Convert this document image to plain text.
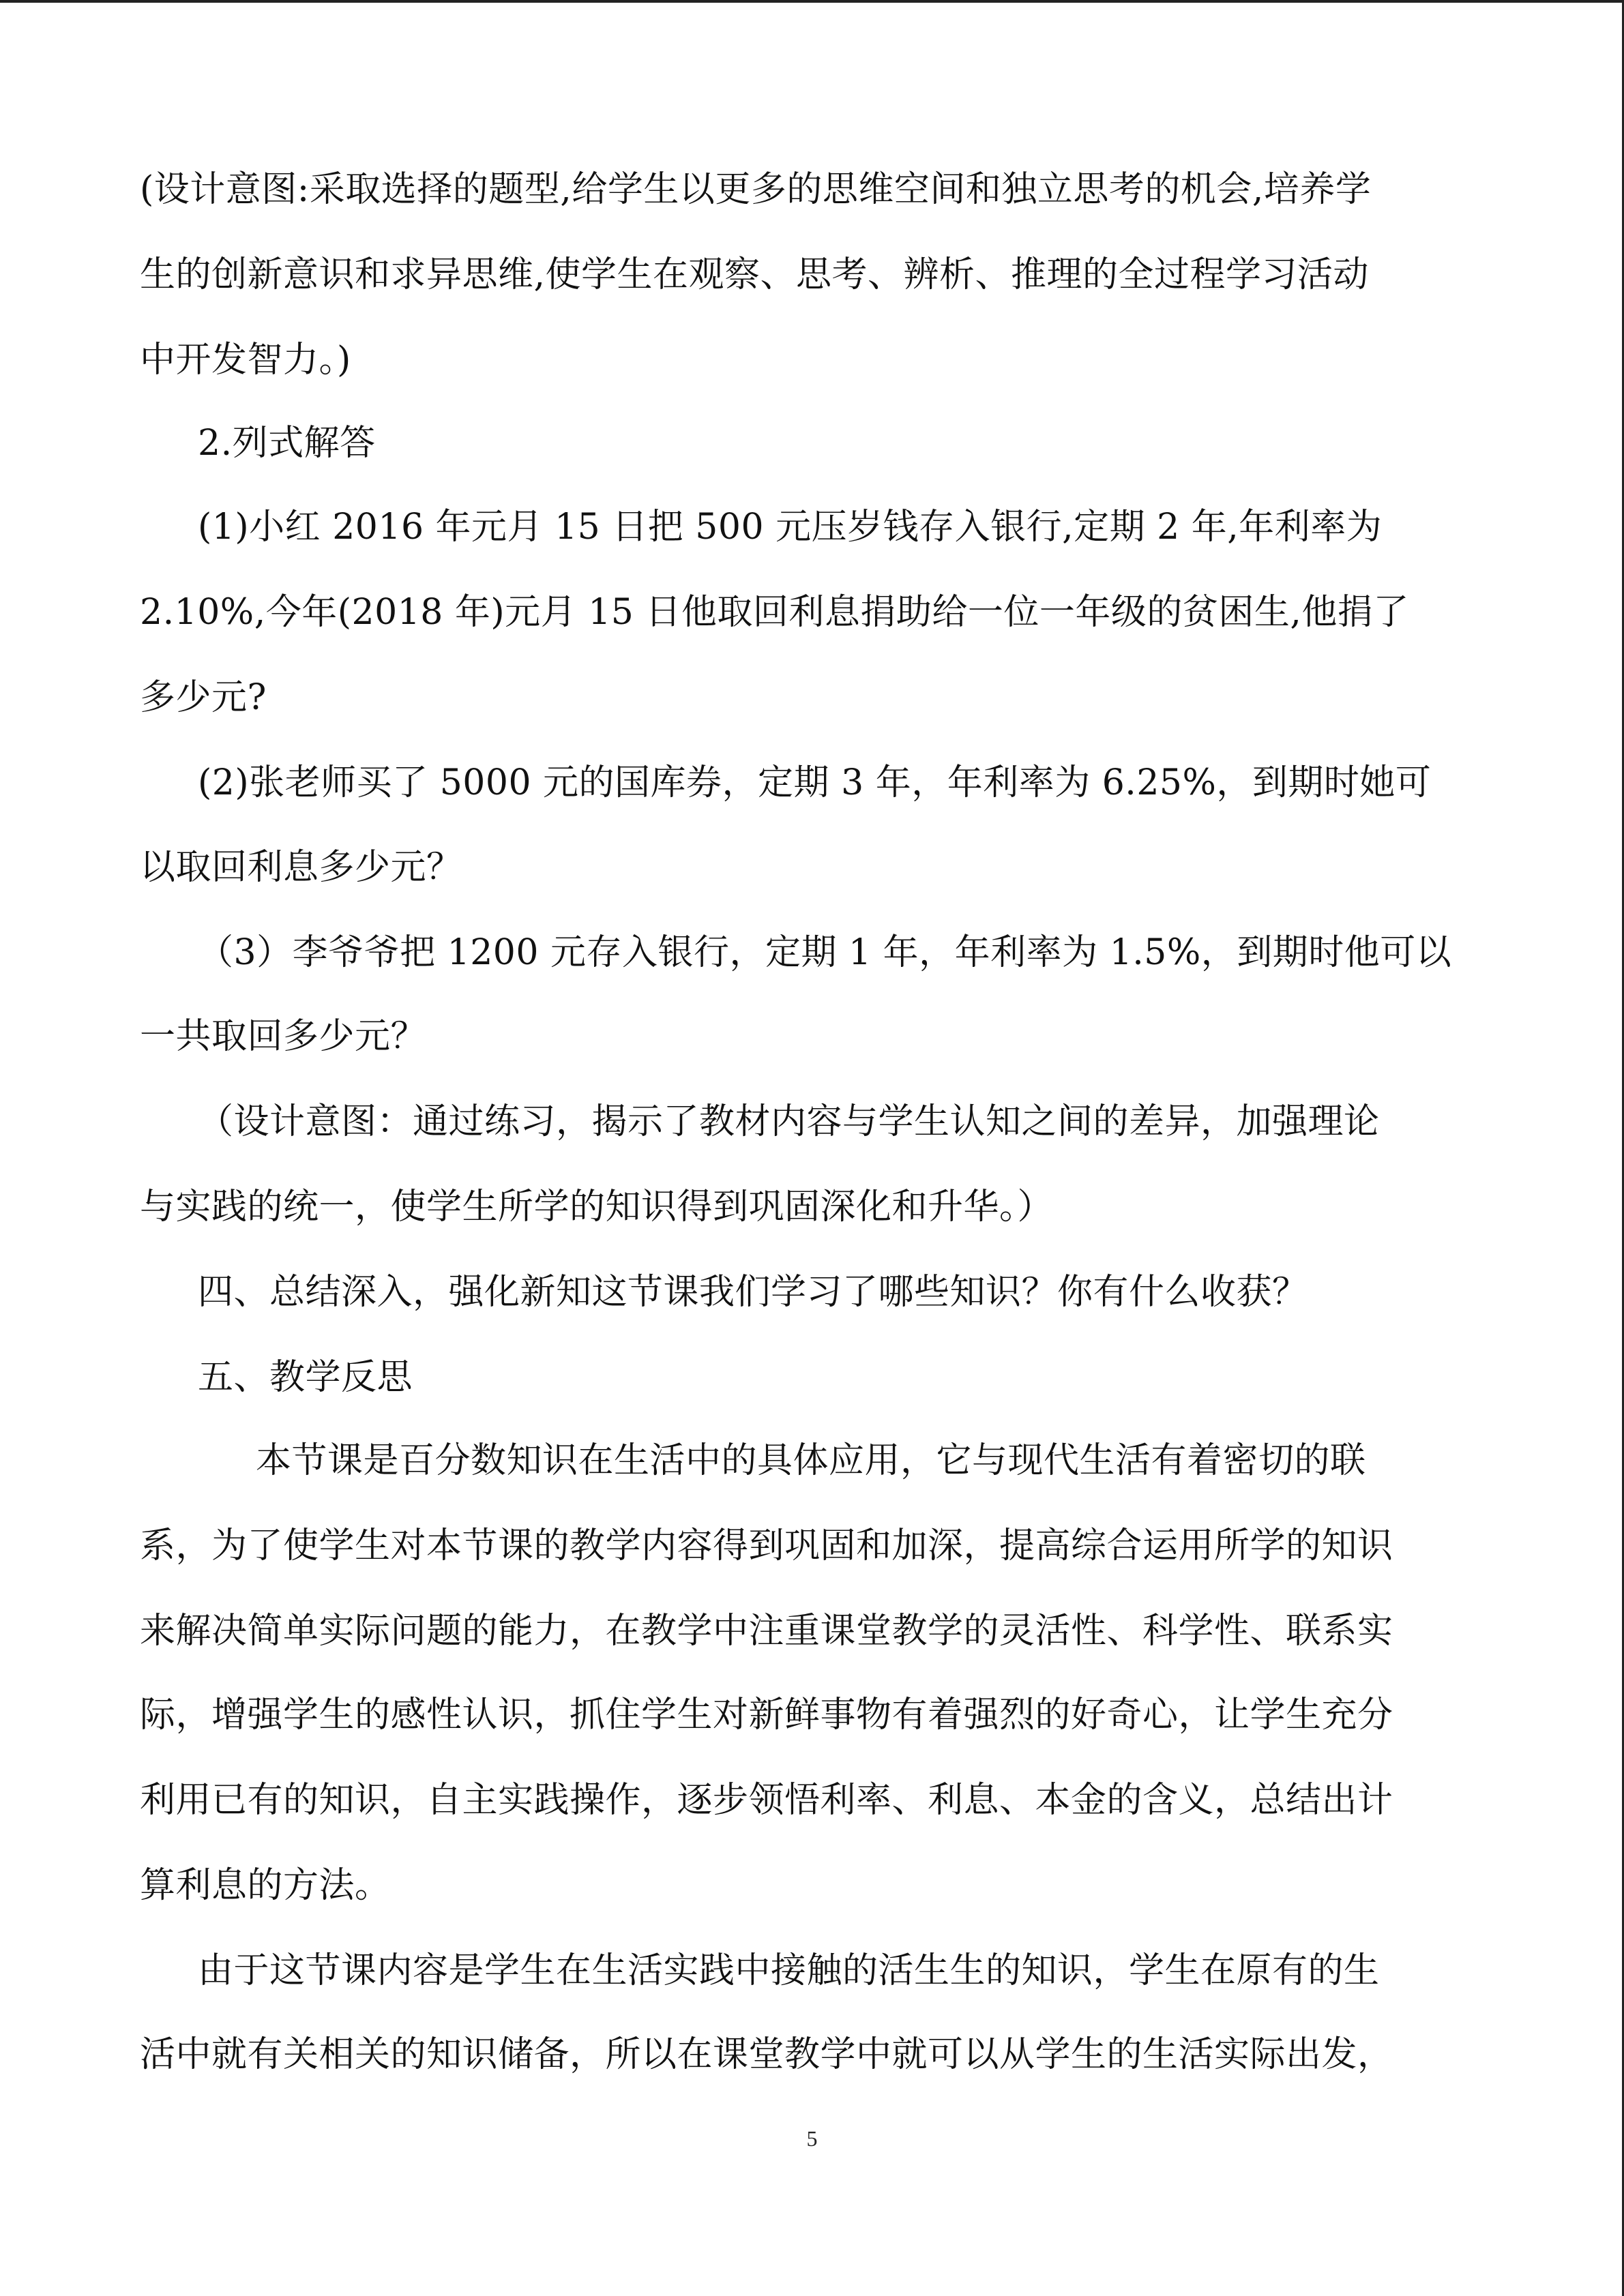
(设计意图:采取选择的题型,给学生以更多的思维空间和独立思考的机会,培养学
生的创新意识和求异思维,使学生在观察、思考、辨析、推理的全过程学习活动
中开发智力。)
2.列式解答
(1)小红 2016 年元月 15 日把 500 元压岁钱存入银行,定期 2 年,年利率为
2.10%,今年(2018 年)元月 15 日他取回利息捐助给一位一年级的贫困生,他捐了
多少元?
(2)张老师买了 5000 元的国库券，定期 3 年，年利率为 6.25%，到期时她可
以取回利息多少元？
（3）李爷爷把 1200 元存入银行，定期 1 年，年利率为 1.5%，到期时他可以
一共取回多少元？
（设计意图：通过练习，揭示了教材内容与学生认知之间的差异，加强理论
与实践的统一，使学生所学的知识得到巩固深化和升华。）
四、总结深入，强化新知这节课我们学习了哪些知识？你有什么收获？
五、教学反思
本节课是百分数知识在生活中的具体应用，它与现代生活有着密切的联
系，为了使学生对本节课的教学内容得到巩固和加深，提高综合运用所学的知识
来解决简单实际问题的能力，在教学中注重课堂教学的灵活性、科学性、联系实
际，增强学生的感性认识，抓住学生对新鲜事物有着强烈的好奇心，让学生充分
利用已有的知识，自主实践操作，逐步领悟利率、利息、本金的含义，总结出计
算利息的方法。
由于这节课内容是学生在生活实践中接触的活生生的知识，学生在原有的生
活中就有关相关的知识储备，所以在课堂教学中就可以从学生的生活实际出发，
5
